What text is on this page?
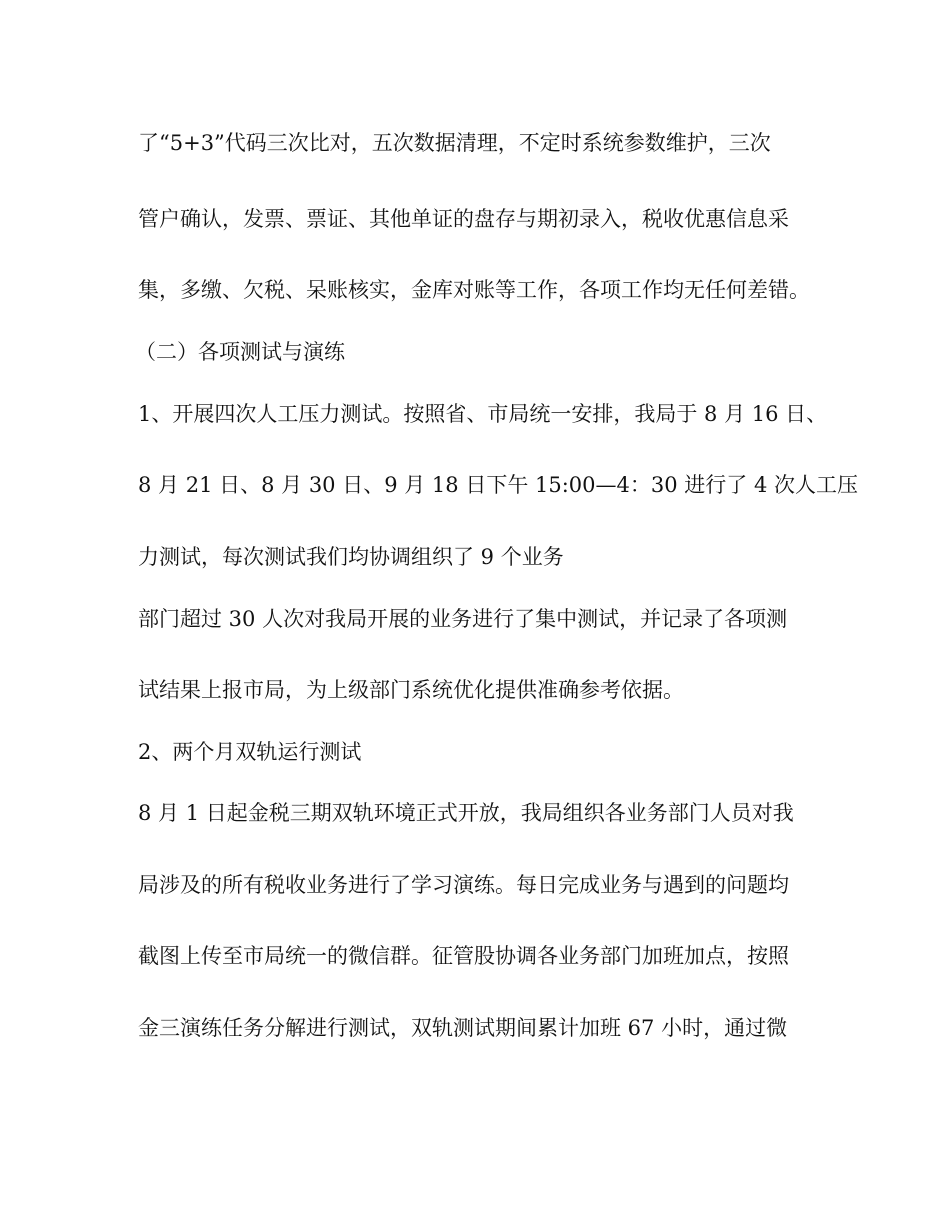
了“5+3”代码三次比对，五次数据清理，不定时系统参数维护，三次
管户确认，发票、票证、其他单证的盘存与期初录入，税收优惠信息采
集，多缴、欠税、呆账核实，金库对账等工作，各项工作均无任何差错。
（二）各项测试与演练
1、开展四次人工压力测试。按照省、市局统一安排，我局于 8 月 16 日、
8 月 21 日、8 月 30 日、9 月 18 日下午 15:00—4：30 进行了 4 次人工压
力测试，每次测试我们均协调组织了 9 个业务
部门超过 30 人次对我局开展的业务进行了集中测试，并记录了各项测
试结果上报市局，为上级部门系统优化提供准确参考依据。
2、两个月双轨运行测试
8 月 1 日起金税三期双轨环境正式开放，我局组织各业务部门人员对我
局涉及的所有税收业务进行了学习演练。每日完成业务与遇到的问题均
截图上传至市局统一的微信群。征管股协调各业务部门加班加点，按照
金三演练任务分解进行测试，双轨测试期间累计加班 67 小时，通过微
